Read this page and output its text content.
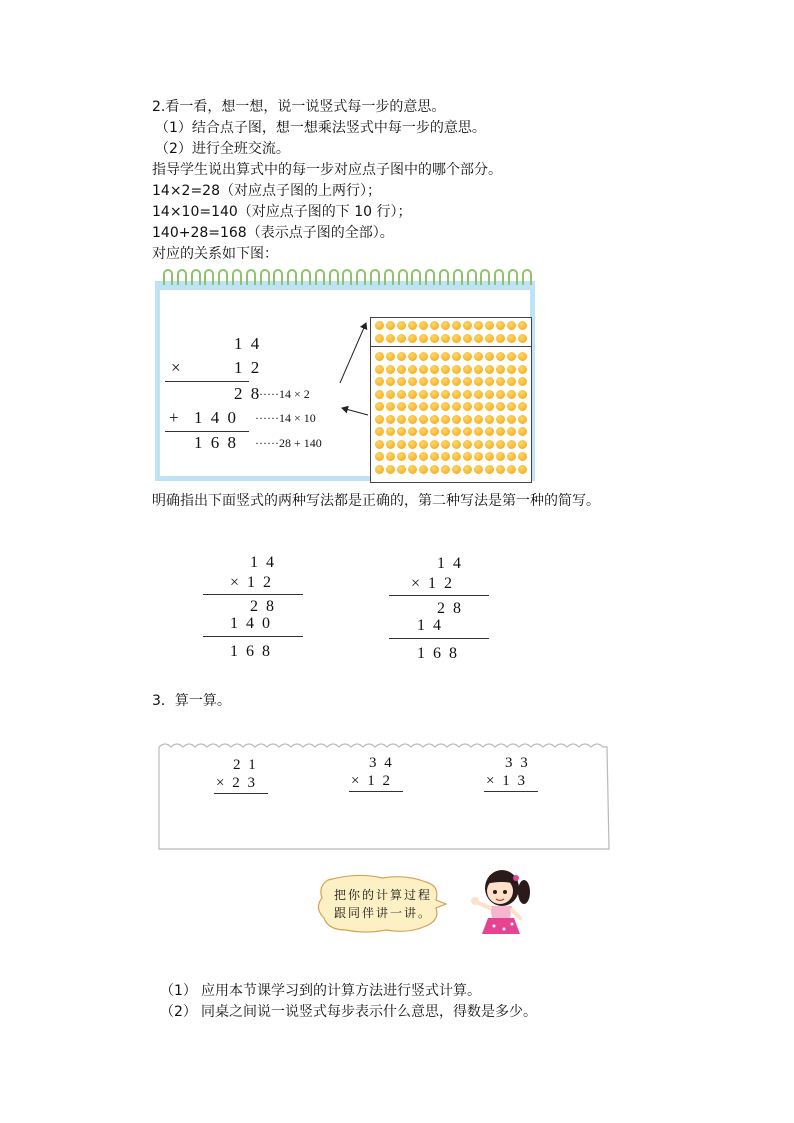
2.看一看，想一想，说一说竖式每一步的意思。
（1）结合点子图，想一想乘法竖式中每一步的意思。
（2）进行全班交流。
指导学生说出算式中的每一步对应点子图中的哪个部分。
14×2=28（对应点子图的上两行）；
14×10=140（对应点子图的下 10 行）；
140+28=168（表示点子图的全部）。
对应的关系如下图：
1 4
×	1 2
2 8
······14 × 2
+ 1 4 0 ······14 × 10
1 6 8 ······28 + 140
明确指出下面竖式的两种写法都是正确的，第二种写法是第一种的简写。
1 4
× 1 2
2 8
1 4 0
1 6 8
1 4
× 1 2
2 8
1 4
1 6 8
3．算一算。
2 1
× 2 3
3 4
× 1 2
3 3
× 1 3
把你的计算过程
跟同伴讲一讲。
（1） 应用本节课学习到的计算方法进行竖式计算。
（2） 同桌之间说一说竖式每步表示什么意思，得数是多少。
